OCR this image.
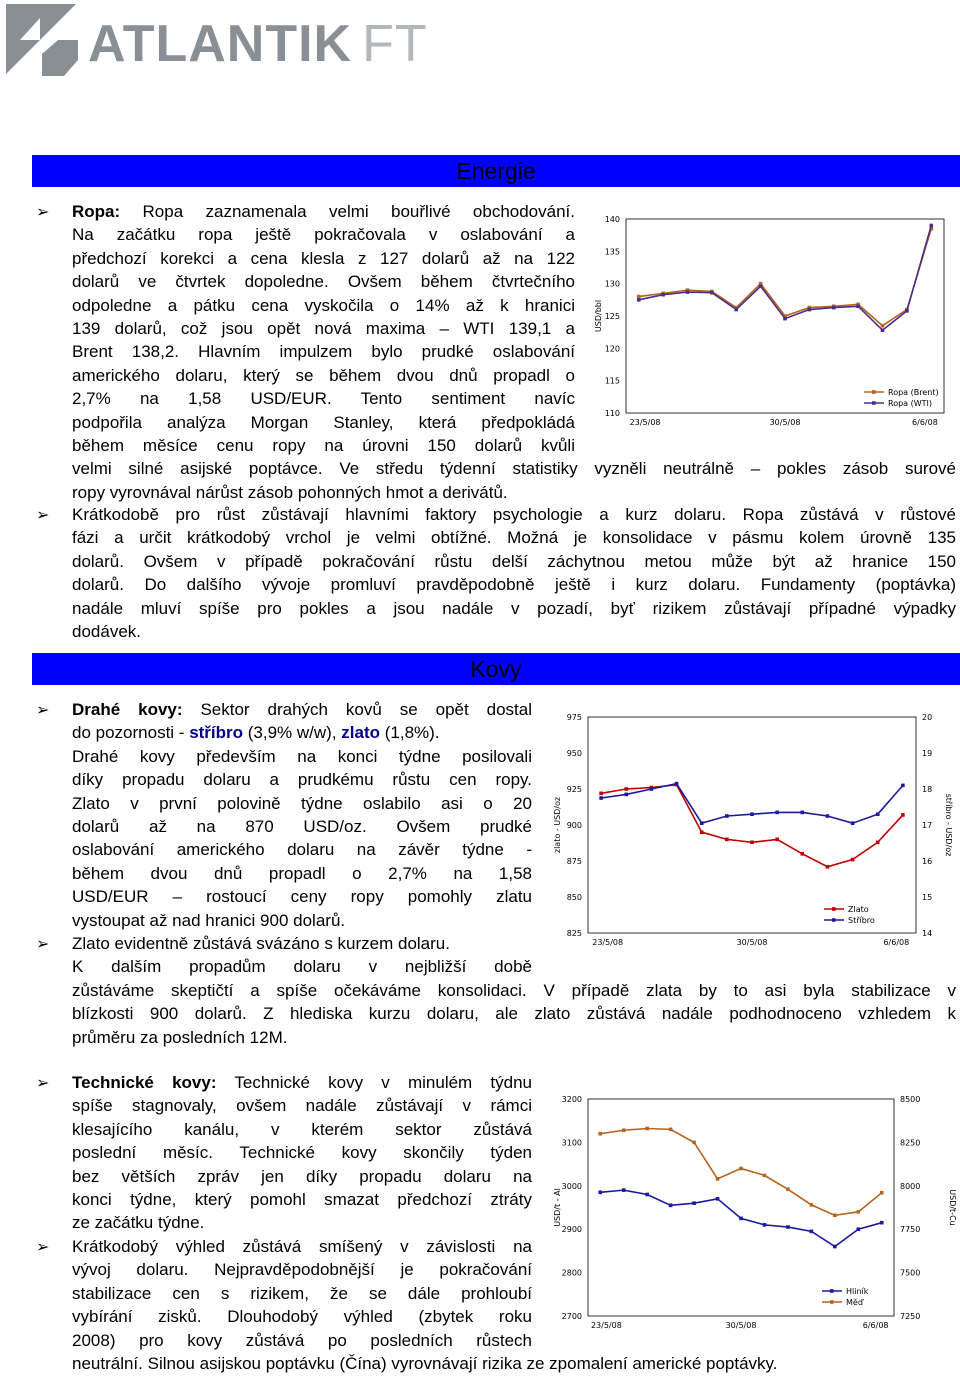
ATLANTIK FT
Energie
➢ Ropa: Ropa zaznamenala velmi bouřlivé obchodování.
Na začátku ropa ještě pokračovala v oslabování a
předchozí korekci a cena klesla z 127 dolarů až na 122
dolarů ve čtvrtek dopoledne. Ovšem během čtvrtečního
odpoledne a pátku cena vyskočila o 14% až k hranici
139 dolarů, což jsou opět nová maxima – WTI 139,1 a
Brent 138,2. Hlavním impulzem bylo prudké oslabování
amerického dolaru, který se během dvou dnů propadl o
2,7% na 1,58 USD/EUR. Tento sentiment navíc
podpořila analýza Morgan Stanley, která předpokládá
během měsíce cenu ropy na úrovni 150 dolarů kvůli
velmi silné asijské poptávce. Ve středu týdenní statistiky vyzněli neutrálně – pokles zásob surové
ropy vyrovnával nárůst zásob pohonných hmot a derivátů.
➢ Krátkodobě pro růst zůstávají hlavními faktory psychologie a kurz dolaru. Ropa zůstává v růstové
fázi a určit krátkodobý vrchol je velmi obtížné. Možná je konsolidace v pásmu kolem úrovně 135
dolarů. Ovšem v případě pokračování růstu delší záchytnou metou může být až hranice 150
dolarů. Do dalšího vývoje promluví pravděpodobně ještě i kurz dolaru. Fundamenty (poptávka)
nadále mluví spíše pro pokles a jsou nadále v pozadí, byť rizikem zůstávají případné výpadky
dodávek.
Kovy
➢ Drahé kovy: Sektor drahých kovů se opět dostal
do pozornosti - stříbro (3,9% w/w), zlato (1,8%).
Drahé kovy především na konci týdne posilovali
díky propadu dolaru a prudkému růstu cen ropy.
Zlato v první polovině týdne oslabilo asi o 20
dolarů až na 870 USD/oz. Ovšem prudké
oslabování amerického dolaru na závěr týdne -
během dvou dnů propadl o 2,7% na 1,58
USD/EUR – rostoucí ceny ropy pomohly zlatu
vystoupat až nad hranici 900 dolarů.
➢ Zlato evidentně zůstává svázáno s kurzem dolaru.
K dalším propadům dolaru v nejbližší době
zůstáváme skeptičtí a spíše očekáváme konsolidaci. V případě zlata by to asi byla stabilizace v
blízkosti 900 dolarů. Z hlediska kurzu dolaru, ale zlato zůstává nadále podhodnoceno vzhledem k
průměru za posledních 12M.
➢ Technické kovy: Technické kovy v minulém týdnu
spíše stagnovaly, ovšem nadále zůstávají v rámci
klesajícího kanálu, v kterém sektor zůstává
poslední měsíc. Technické kovy skončily týden
bez větších zpráv jen díky propadu dolaru na
konci týdne, který pomohl smazat předchozí ztráty
ze začátku týdne.
➢ Krátkodobý výhled zůstává smíšený v závislosti na
vývoj dolaru. Nejpravděpodobnější je pokračování
stabilizace cen s rizikem, že se dále prohloubí
vybírání zisků. Dlouhodobý výhled (zbytek roku
2008) pro kovy zůstává po posledních růstech
neutrální. Silnou asijskou poptávku (Čína) vyrovnávají rizika ze zpomalení americké poptávky.
140
135
130
125
120
115
110
23/5/08	30/5/08	6/6/08
USD/bbl
Ropa (Brent)
Ropa (WTI)
975
950
925
900
875
850
825
20
19
18
17
16
15
14
23/5/08	30/5/08	6/6/08
zlato - USD/oz	stříbro - USD/oz
Zlato
Stříbro
3200
3100
3000
2900
2800
2700
8500
8250
8000
7750
7500
7250
23/5/08	30/5/08	6/6/08
USD/t - Al	USD/t-Cu
Hliník
Měď
